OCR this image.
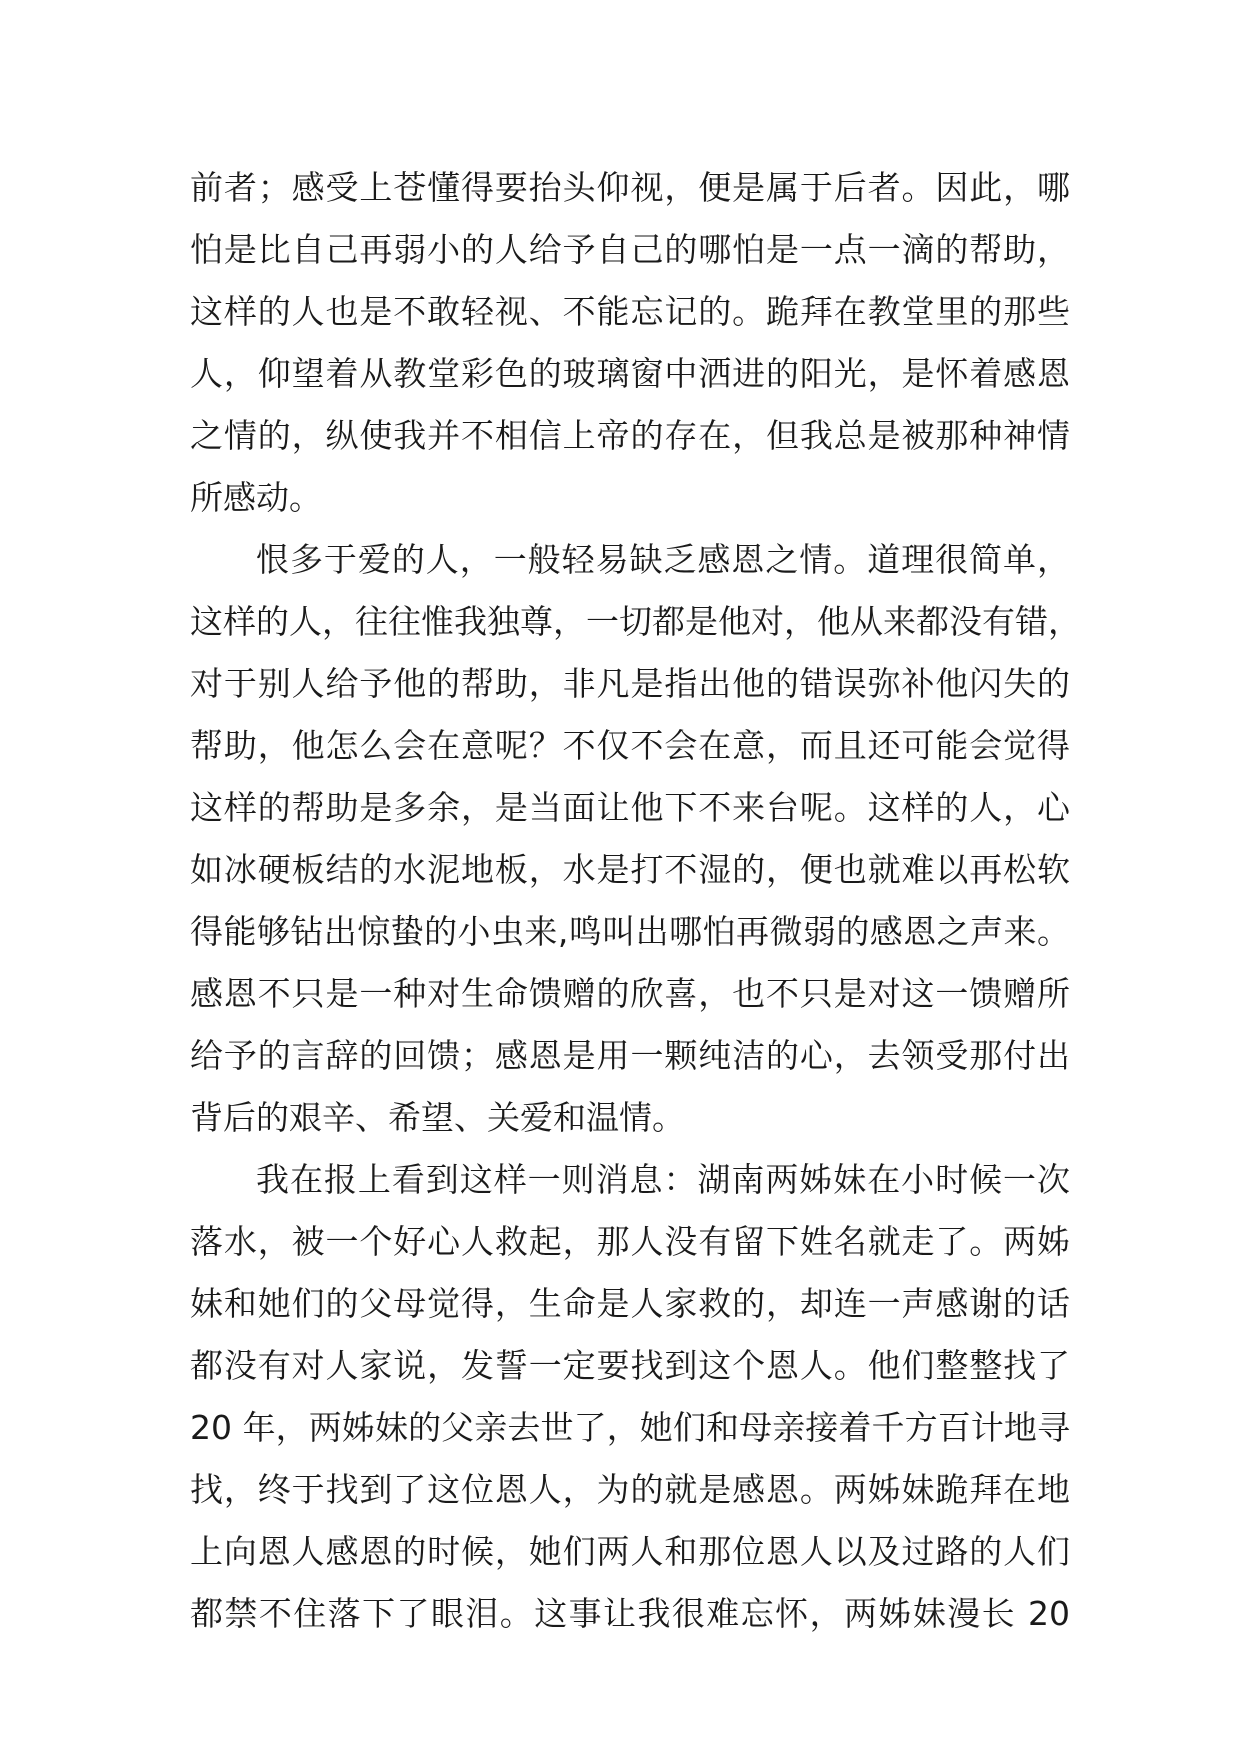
前者；感受上苍懂得要抬头仰视，便是属于后者。因此，哪
怕是比自己再弱小的人给予自己的哪怕是一点一滴的帮助，
这样的人也是不敢轻视、不能忘记的。跪拜在教堂里的那些
人，仰望着从教堂彩色的玻璃窗中洒进的阳光，是怀着感恩
之情的，纵使我并不相信上帝的存在，但我总是被那种神情
所感动。
恨多于爱的人，一般轻易缺乏感恩之情。道理很简单，
这样的人，往往惟我独尊，一切都是他对，他从来都没有错，
对于别人给予他的帮助，非凡是指出他的错误弥补他闪失的
帮助，他怎么会在意呢？不仅不会在意，而且还可能会觉得
这样的帮助是多余，是当面让他下不来台呢。这样的人，心
如冰硬板结的水泥地板，水是打不湿的，便也就难以再松软
得能够钻出惊蛰的小虫来,鸣叫出哪怕再微弱的感恩之声来。
感恩不只是一种对生命馈赠的欣喜，也不只是对这一馈赠所
给予的言辞的回馈；感恩是用一颗纯洁的心，去领受那付出
背后的艰辛、希望、关爱和温情。
我在报上看到这样一则消息：湖南两姊妹在小时候一次
落水，被一个好心人救起，那人没有留下姓名就走了。两姊
妹和她们的父母觉得，生命是人家救的，却连一声感谢的话
都没有对人家说，发誓一定要找到这个恩人。他们整整找了
20 年，两姊妹的父亲去世了，她们和母亲接着千方百计地寻
找，终于找到了这位恩人，为的就是感恩。两姊妹跪拜在地
上向恩人感恩的时候，她们两人和那位恩人以及过路的人们
都禁不住落下了眼泪。这事让我很难忘怀，两姊妹漫长 20
